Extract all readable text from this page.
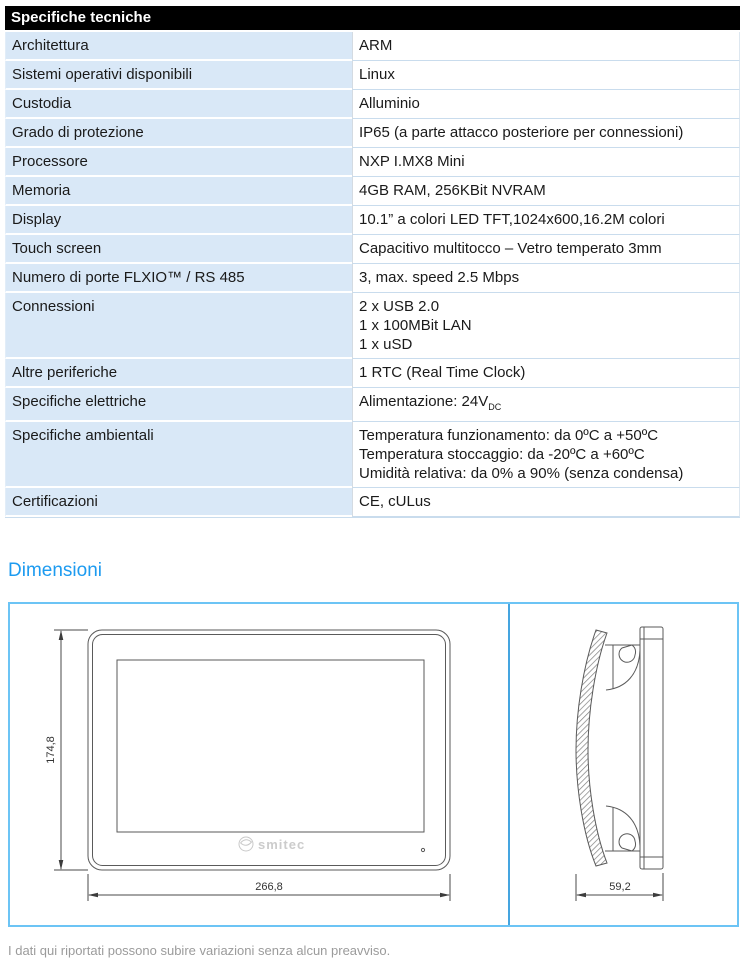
Specifiche tecniche
Architettura	ARM
Sistemi operativi disponibili	Linux
Custodia	Alluminio
Grado di protezione	IP65 (a parte attacco posteriore per connessioni)
Processore	NXP I.MX8 Mini
Memoria	4GB RAM, 256KBit NVRAM
Display	10.1” a colori LED TFT,1024x600,16.2M colori
Touch screen	Capacitivo multitocco – Vetro temperato 3mm
Numero di porte FLXIO™ / RS 485	3, max. speed 2.5 Mbps
Connessioni	2 x USB 2.0
1 x 100MBit LAN
1 x uSD
Altre periferiche	1 RTC (Real Time Clock)
Specifiche elettriche	Alimentazione: $24V_{DC}$
Specifiche ambientali	Temperatura funzionamento: da 0ºC a +50ºC
Temperatura stoccaggio: da -20ºC a +60ºC
Umidità relativa: da 0% a 90% (senza condensa)
Certificazioni	CE, cULus
Dimensioni
smitec
174,8
266,8	59,2
I dati qui riportati possono subire variazioni senza alcun preavviso.
